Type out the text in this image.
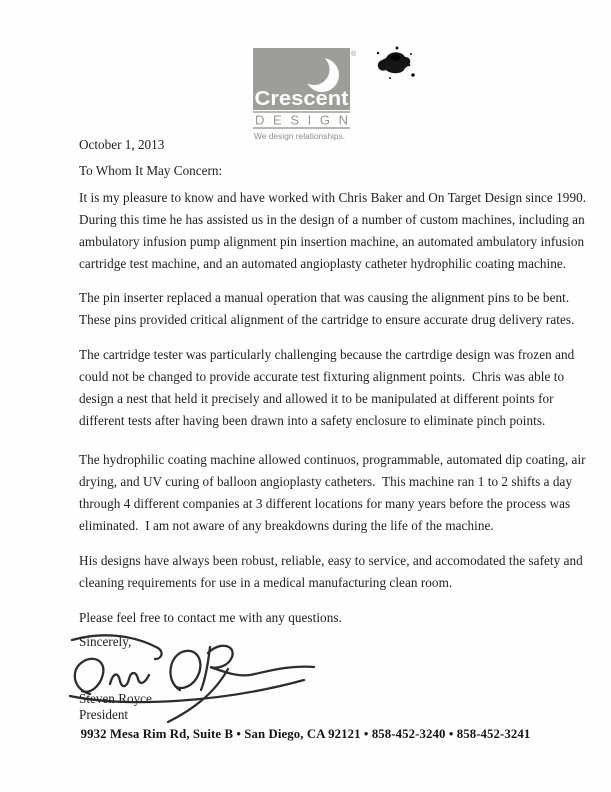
Crescent
DESIGN
We design relationships.
®
October 1, 2013
To Whom It May Concern:
It is my pleasure to know and have worked with Chris Baker and On Target Design since 1990.
During this time he has assisted us in the design of a number of custom machines, including an
ambulatory infusion pump alignment pin insertion machine, an automated ambulatory infusion
cartridge test machine, and an automated angioplasty catheter hydrophilic coating machine.
The pin inserter replaced a manual operation that was causing the alignment pins to be bent.
These pins provided critical alignment of the cartridge to ensure accurate drug delivery rates.
The cartridge tester was particularly challenging because the cartrdige design was frozen and
could not be changed to provide accurate test fixturing alignment points.  Chris was able to
design a nest that held it precisely and allowed it to be manipulated at different points for
different tests after having been drawn into a safety enclosure to eliminate pinch points.
The hydrophilic coating machine allowed continuos, programmable, automated dip coating, air
drying, and UV curing of balloon angioplasty catheters.  This machine ran 1 to 2 shifts a day
through 4 different companies at 3 different locations for many years before the process was
eliminated.  I am not aware of any breakdowns during the life of the machine.
His designs have always been robust, reliable, easy to service, and accomodated the safety and
cleaning requirements for use in a medical manufacturing clean room.
Please feel free to contact me with any questions.
Sincerely,
Steven Royce
President
9932 Mesa Rim Rd, Suite B • San Diego, CA 92121 • 858-452-3240 • 858-452-3241
